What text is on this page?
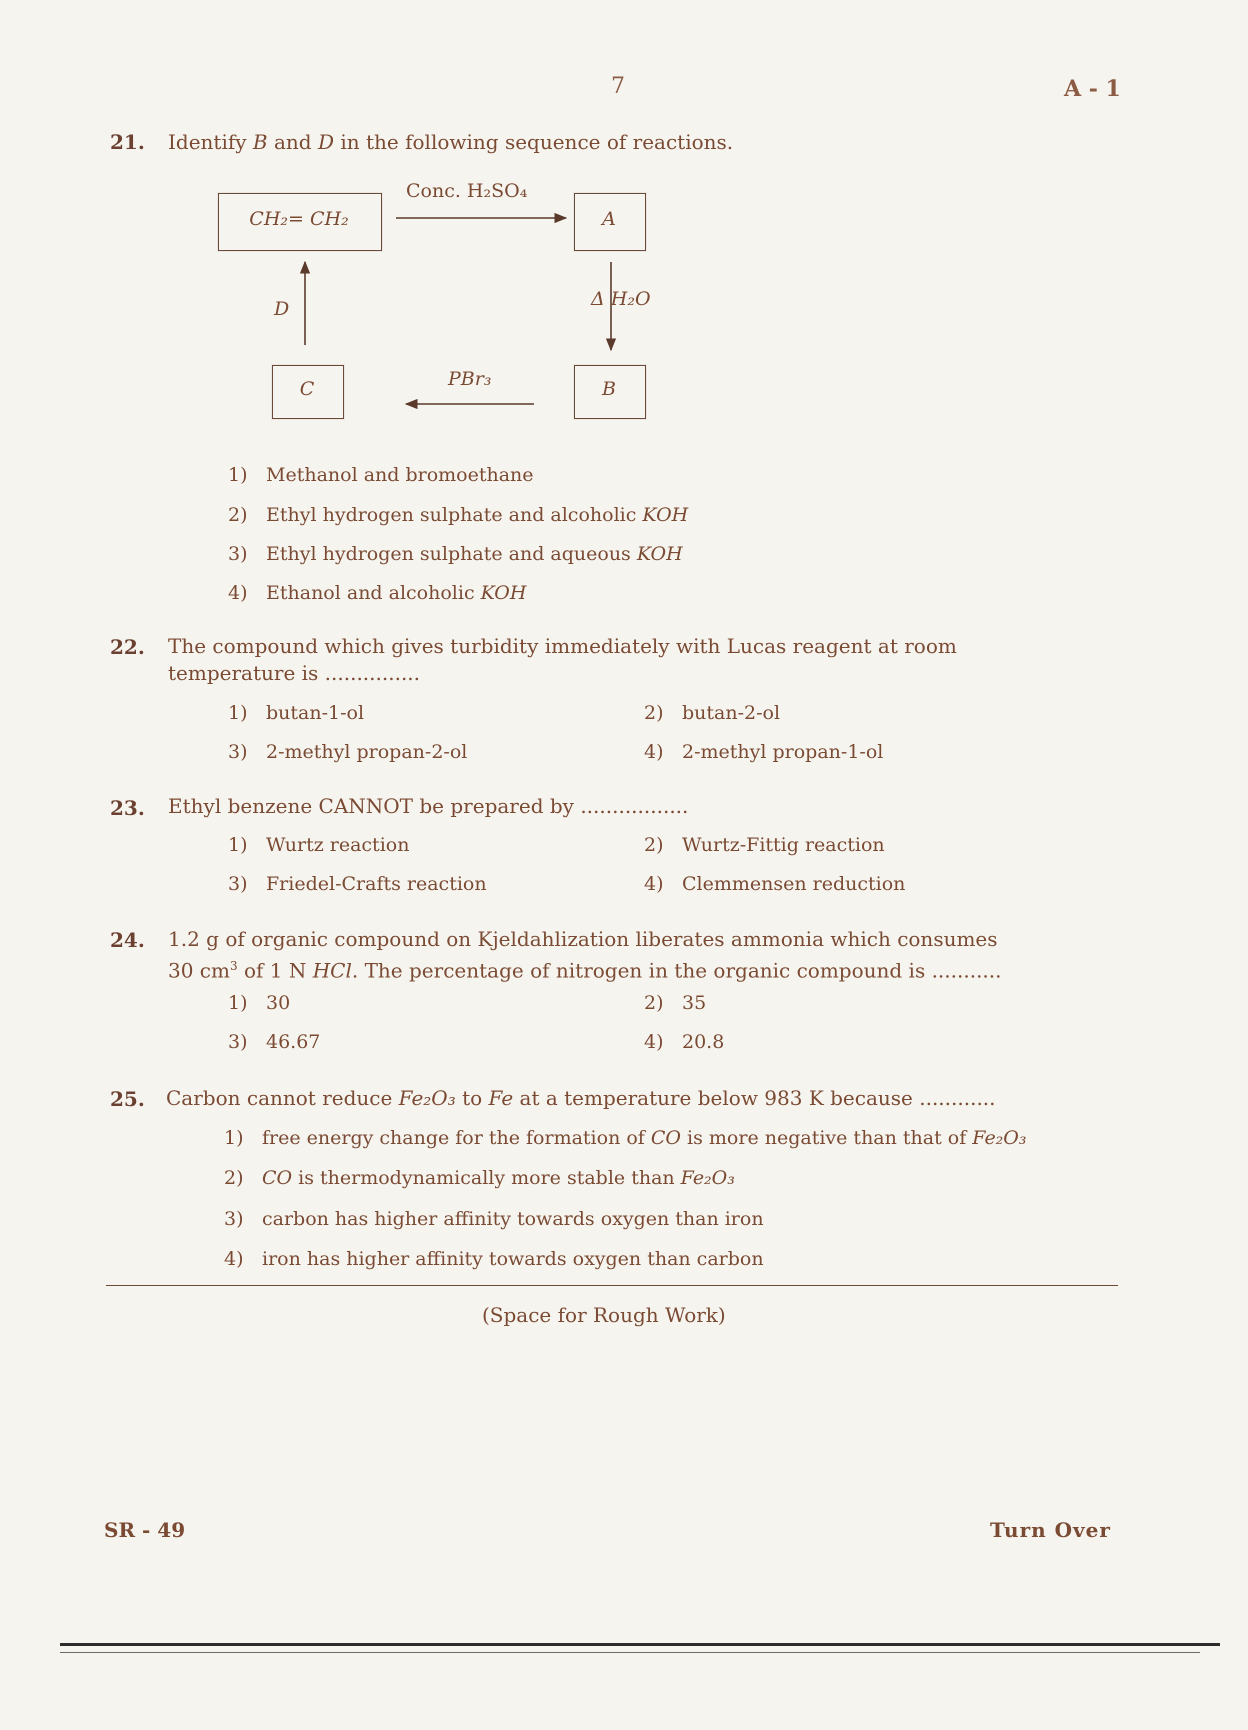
7	A - 1
21. Identify B and D in the following sequence of reactions.
CH₂= CH₂	A
C	B
Conc. H₂SO₄
Δ H₂O
PBr₃
D
1) Methanol and bromoethane
2) Ethyl hydrogen sulphate and alcoholic KOH
3) Ethyl hydrogen sulphate and aqueous KOH
4) Ethanol and alcoholic KOH
22. The compound which gives turbidity immediately with Lucas reagent at room
temperature is ...............
1) butan-1-ol	2) butan-2-ol
3) 2-methyl propan-2-ol	4) 2-methyl propan-1-ol
23. Ethyl benzene CANNOT be prepared by .................
1) Wurtz reaction	2) Wurtz-Fittig reaction
3) Friedel-Crafts reaction	4) Clemmensen reduction
24. 1.2 g of organic compound on Kjeldahlization liberates ammonia which consumes
30 $cm^3$ of 1 N HCl. The percentage of nitrogen in the organic compound is ...........
1) 30	2) 35
3) 46.67	4) 20.8
25. Carbon cannot reduce Fe₂O₃ to Fe at a temperature below 983 K because ............
1) free energy change for the formation of CO is more negative than that of Fe₂O₃
2) CO is thermodynamically more stable than Fe₂O₃
3) carbon has higher affinity towards oxygen than iron
4) iron has higher affinity towards oxygen than carbon
(Space for Rough Work)
SR - 49	Turn Over
